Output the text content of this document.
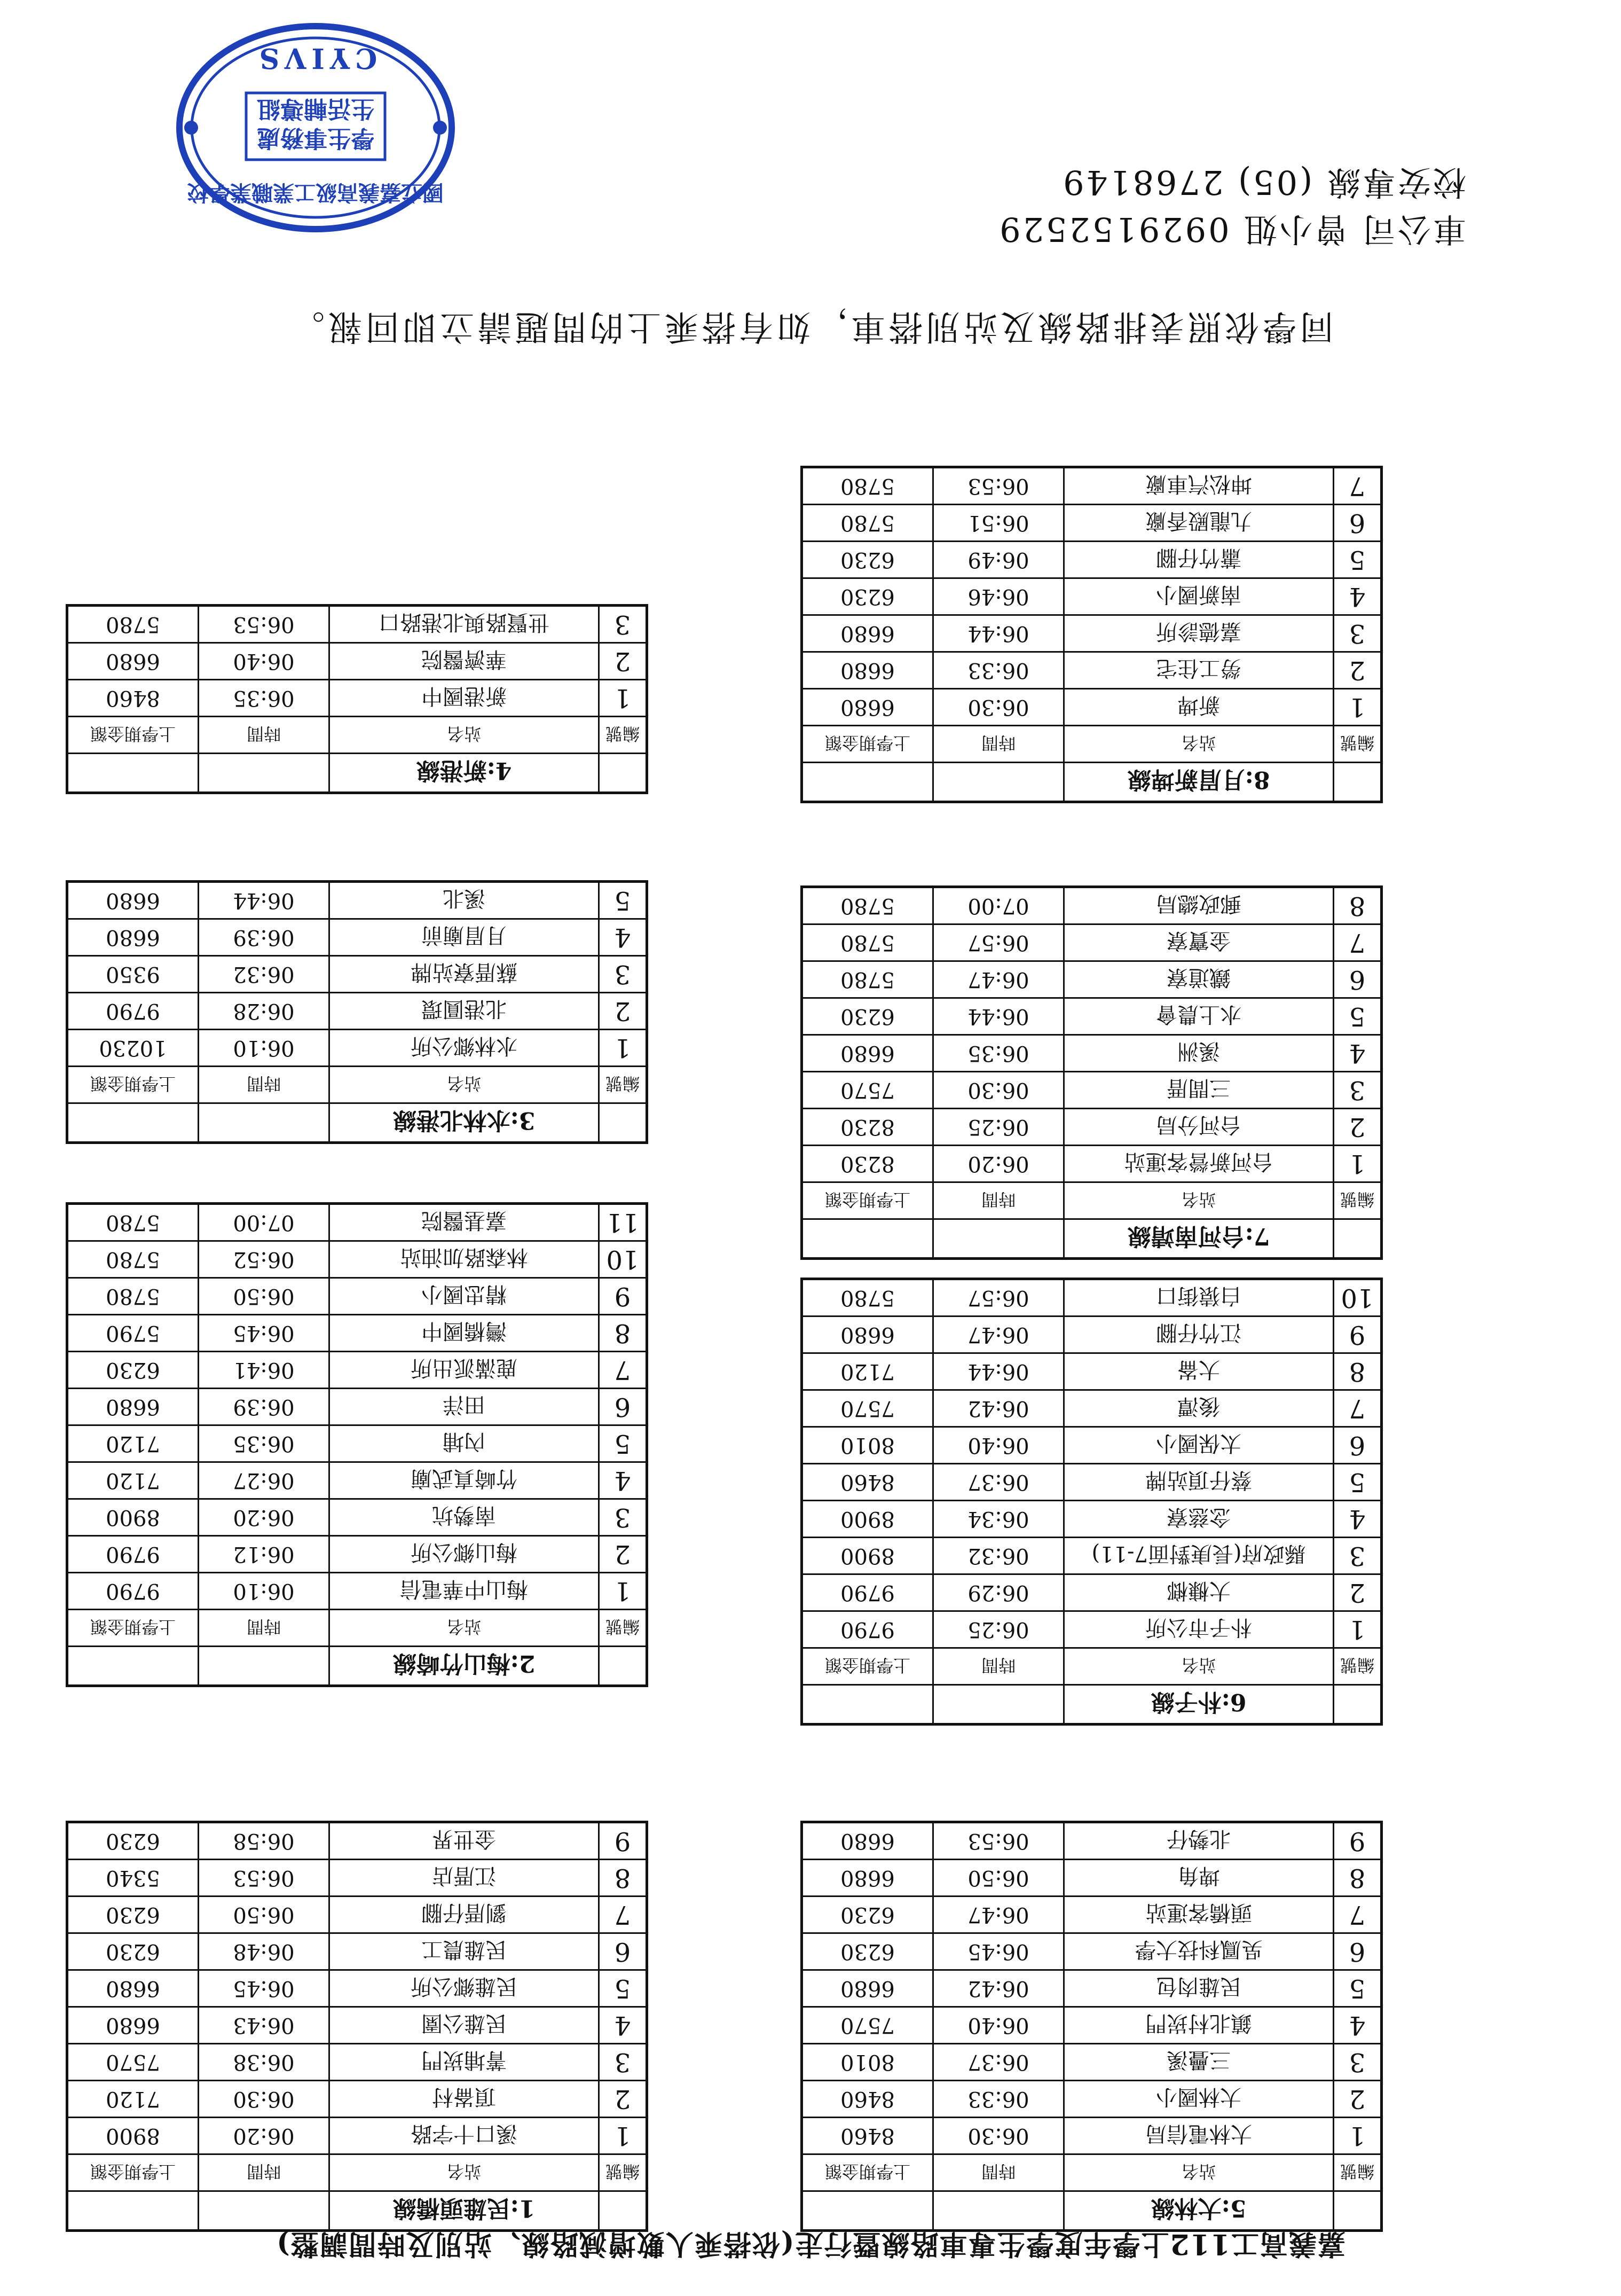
嘉義高工112上學年度學生專車路線暨行走(依搭乘人數增減路線、站別及時間調整)
	1:民雄頭橋線		
編號	站名	時間	上學期金額
1	溪口十字路	06:20	8900
2	頂崙村	06:30	7120
3	菁埔崁門	06:38	7570
4	民雄公園	06:43	6680
5	民雄鄉公所	06:45	6680
6	民雄農工	06:48	6230
7	劉厝仔腳	06:50	6230
8	江厝店	06:53	5340
9	金世界	06:58	6230
	2:梅山竹崎線		
編號	站名	時間	上學期金額
1	梅山中華電信	06:10	9790
2	梅山鄉公所	06:12	9790
3	南勢坑	06:20	8900
4	竹崎真武廟	06:27	7120
5	內埔	06:35	7120
6	田洋	06:39	6680
7	鹿滿派出所	06:41	6230
8	灣橋國中	06:45	5790
9	精忠國小	06:50	5780
10	林森路加油站	06:52	5780
11	嘉基醫院	07:00	5780
	3:水林北港線		
編號	站名	時間	上學期金額
1	水林鄉公所	06:10	10230
2	北港圓環	06:28	9790
3	蘇厝寮站牌	06:32	9350
4	月眉廟前	06:39	6680
5	溪北	06:44	6680
	4:新港線		
編號	站名	時間	上學期金額
1	新港國中	06:35	8460
2	華濟醫院	06:40	6680
3	世賢路與北港路口	06:53	5780
	5:大林線		
編號	站名	時間	上學期金額
1	大林電信局	06:30	8460
2	大林國小	06:33	8460
3	三疊溪	06:37	8010
4	鎮北村崁門	06:40	7570
5	民雄肉包	06:42	6680
6	吳鳳科技大學	06:45	6230
7	頭橋客運站	06:47	6230
8	埤角	06:50	6680
9	北勢仔	06:53	6680
	6:朴子線		
編號	站名	時間	上學期金額
1	朴子市公所	06:25	9790
2	大槺榔	06:29	9790
3	縣政府(長庚對面7-11)	06:32	8900
4	念慈寮	06:34	8900
5	蔡仔頂站牌	06:37	8460
6	太保國小	06:40	8010
7	後潭	06:42	7570
8	大崙	06:44	7120
9	江竹仔腳	06:47	6680
10	白猿街口	06:57	5780
	7:台河南靖線		
編號	站名	時間	上學期金額
1	台河新營客運站	06:20	8230
2	台河分局	06:25	8230
3	三間厝	06:30	7570
4	溪洲	06:35	6680
5	水上農會	06:44	6230
6	鐵道寮	06:47	5780
7	金寶寮	06:57	5780
8	郵政總局	07:00	5780
	8:月眉新埤線		
編號	站名	時間	上學期金額
1	新埤	06:30	6680
2	勞工住宅	06:33	6680
3	嘉德診所	06:44	6680
4	南新國小	06:46	6230
5	蕭竹仔腳	06:49	6230
6	九龍殿香廠	06:51	5780
7	坤松汽車廠	06:53	5780
同學依照表排路線及站別搭車，如有搭乘上的問題請立即回報。
車公司 曾小姐 0929152529
校安專線 (05) 2768149
國立嘉義高級工業職業學校
學生事務處
生活輔導組
CYIVS
